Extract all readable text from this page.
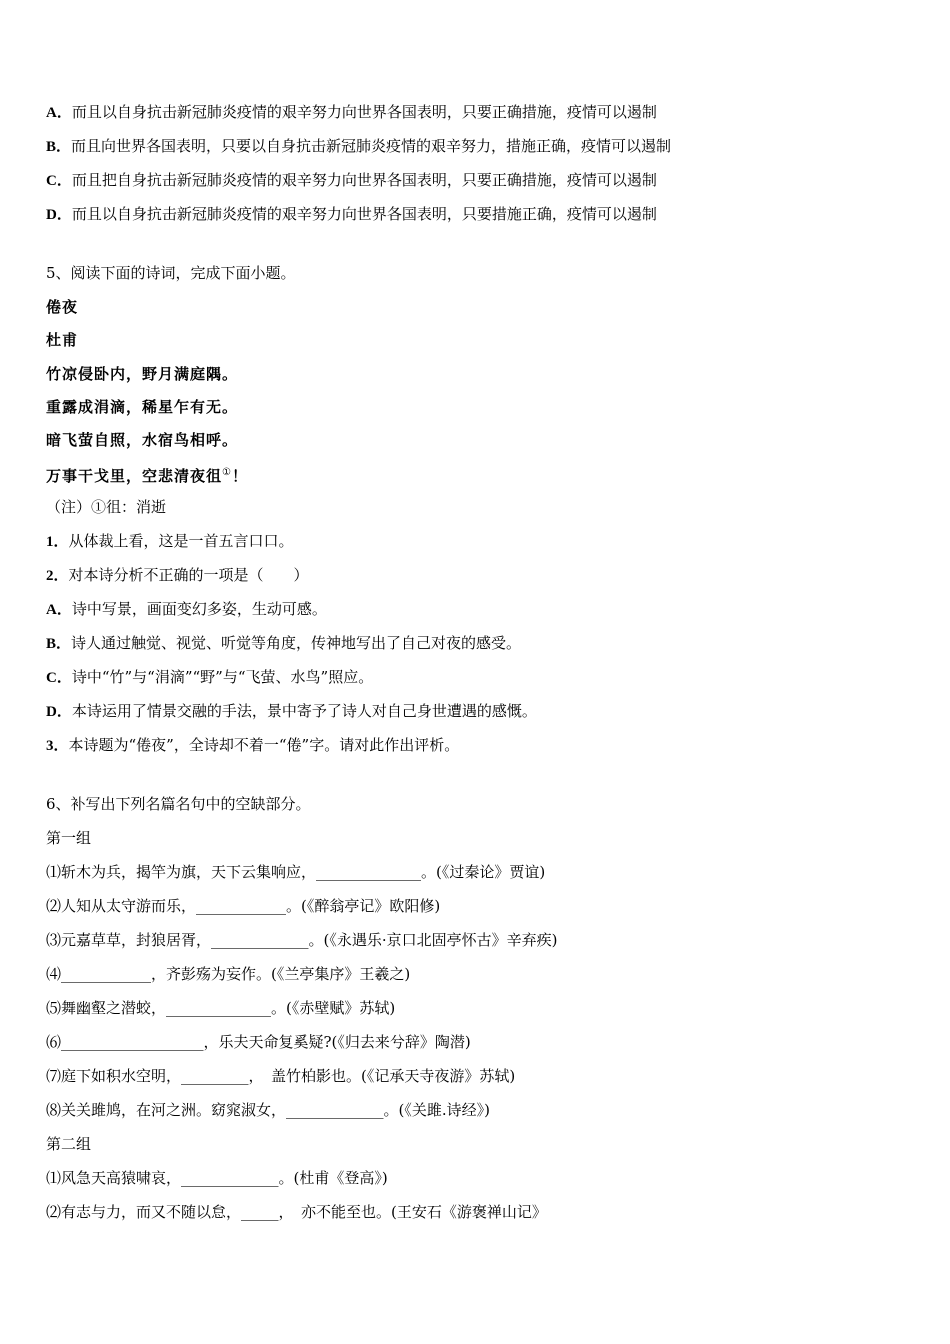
A．而且以自身抗击新冠肺炎疫情的艰辛努力向世界各国表明，只要正确措施，疫情可以遏制
B．而且向世界各国表明，只要以自身抗击新冠肺炎疫情的艰辛努力，措施正确，疫情可以遏制
C．而且把自身抗击新冠肺炎疫情的艰辛努力向世界各国表明，只要正确措施，疫情可以遏制
D．而且以自身抗击新冠肺炎疫情的艰辛努力向世界各国表明，只要措施正确，疫情可以遏制
5、阅读下面的诗词，完成下面小题。
倦夜
杜甫
竹凉侵卧内，野月满庭隅。
重露成涓滴，稀星乍有无。
暗飞萤自照，水宿鸟相呼。
万事干戈里，空悲清夜徂①！
（注）①徂：消逝
1．从体裁上看，这是一首五言口口。
2．对本诗分析不正确的一项是（　　）
A．诗中写景，画面变幻多姿，生动可感。
B．诗人通过触觉、视觉、听觉等角度，传神地写出了自己对夜的感受。
C．诗中“竹”与“涓滴”“野”与“飞萤、水鸟”照应。
D．本诗运用了情景交融的手法，景中寄予了诗人对自己身世遭遇的感慨。
3．本诗题为“倦夜”，全诗却不着一“倦”字。请对此作出评析。
6、补写出下列名篇名句中的空缺部分。
第一组
⑴斩木为兵，揭竿为旗，天下云集响应，______________。(《过秦论》贾谊)
⑵人知从太守游而乐，____________。(《醉翁亭记》欧阳修)
⑶元嘉草草，封狼居胥，_____________。(《永遇乐·京口北固亭怀古》辛弃疾)
⑷____________，齐彭殇为妄作。(《兰亭集序》王羲之)
⑸舞幽壑之潜蛟，______________。(《赤壁赋》苏轼)
⑹___________________，乐夫天命复奚疑?(《归去来兮辞》陶潜)
⑺庭下如积水空明，_________，　盖竹柏影也。(《记承天寺夜游》苏轼)
⑻关关雎鸠，在河之洲。窈窕淑女，_____________。(《关雎.诗经》)
第二组
⑴风急天高猿啸哀，_____________。(杜甫《登高》)
⑵有志与力，而又不随以怠，_____，　亦不能至也。(王安石《游褒禅山记》
